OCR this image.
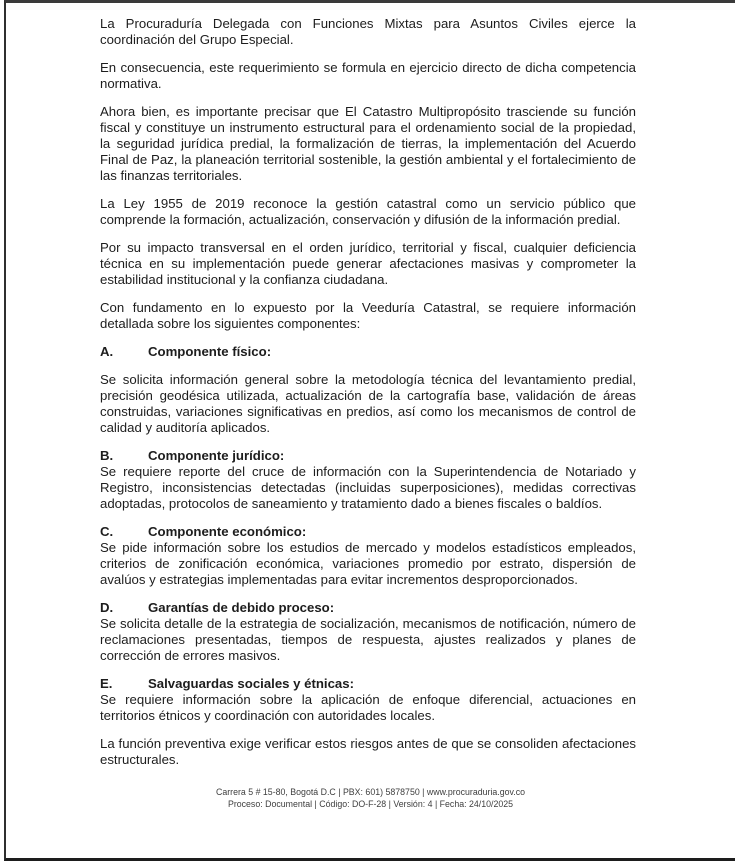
La Procuraduría Delegada con Funciones Mixtas para Asuntos Civiles ejerce la coordinación del Grupo Especial.

En consecuencia, este requerimiento se formula en ejercicio directo de dicha competencia normativa.

Ahora bien, es importante precisar que El Catastro Multipropósito trasciende su función fiscal y constituye un instrumento estructural para el ordenamiento social de la propiedad, la seguridad jurídica predial, la formalización de tierras, la implementación del Acuerdo Final de Paz, la planeación territorial sostenible, la gestión ambiental y el fortalecimiento de las finanzas territoriales.

La Ley 1955 de 2019 reconoce la gestión catastral como un servicio público que comprende la formación, actualización, conservación y difusión de la información predial.

Por su impacto transversal en el orden jurídico, territorial y fiscal, cualquier deficiencia técnica en su implementación puede generar afectaciones masivas y comprometer la estabilidad institucional y la confianza ciudadana.

Con fundamento en lo expuesto por la Veeduría Catastral, se requiere información detallada sobre los siguientes componentes:

A.	Componente físico:

Se solicita información general sobre la metodología técnica del levantamiento predial, precisión geodésica utilizada, actualización de la cartografía base, validación de áreas construidas, variaciones significativas en predios, así como los mecanismos de control de calidad y auditoría aplicados.

B.	Componente jurídico:

Se requiere reporte del cruce de información con la Superintendencia de Notariado y Registro, inconsistencias detectadas (incluidas superposiciones), medidas correctivas adoptadas, protocolos de saneamiento y tratamiento dado a bienes fiscales o baldíos.

C.	Componente económico:

Se pide información sobre los estudios de mercado y modelos estadísticos empleados, criterios de zonificación económica, variaciones promedio por estrato, dispersión de avalúos y estrategias implementadas para evitar incrementos desproporcionados.

D.	Garantías de debido proceso:

Se solicita detalle de la estrategia de socialización, mecanismos de notificación, número de reclamaciones presentadas, tiempos de respuesta, ajustes realizados y planes de corrección de errores masivos.

E.	Salvaguardas sociales y étnicas:

Se requiere información sobre la aplicación de enfoque diferencial, actuaciones en territorios étnicos y coordinación con autoridades locales.

La función preventiva exige verificar estos riesgos antes de que se consoliden afectaciones estructurales.

Carrera 5 # 15-80, Bogotá D.C | PBX: 601) 5878750 | www.procuraduria.gov.co
Proceso: Documental | Código: DO-F-28 | Versión: 4 | Fecha: 24/10/2025
